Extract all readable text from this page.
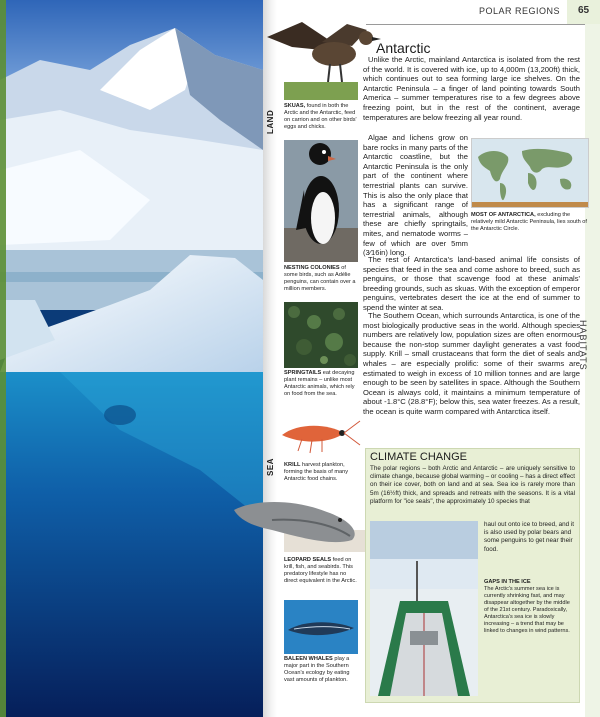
POLAR REGIONS	65
HABITATS
LAND
SEA
SKUAS, found in both the Arctic and the Antarctic, feed on carrion and on other birds' eggs and chicks.
Antarctic

Unlike the Arctic, mainland Antarctica is isolated from the rest of the world. It is covered with ice, up to 4,000m (13,200ft) thick, which continues out to sea forming large ice shelves. On the Antarctic Peninsula – a finger of land pointing towards South America – summer temperatures rise to a few degrees above freezing point, but in the rest of the continent, average temperatures are below freezing all year round.

Algae and lichens grow on bare rocks in many parts of the Antarctic coastline, but the Antarctic Peninsula is the only part of the continent where terrestrial plants can survive. This is also the only place that has a significant range of terrestrial animals, although these are chiefly springtails, mites, and nematode worms – few of which are over 5mm (3⁄16in) long.

NESTING COLONIES of some birds, such as Adélie penguins, can contain over a million members.
MOST OF ANTARCTICA, excluding the relatively mild Antarctic Peninsula, lies south of the Antarctic Circle.

The rest of Antarctica's land-based animal life consists of species that feed in the sea and come ashore to breed, such as penguins, or those that scavenge food at these animals' breeding grounds, such as skuas. With the exception of emperor penguins, vertebrates desert the ice at the end of summer to spend the winter at sea.

The Southern Ocean, which surrounds Antarctica, is one of the most biologically productive seas in the world. Although species numbers are relatively low, population sizes are often enormous because the non-stop summer daylight generates a vast food supply. Krill – small crustaceans that form the diet of seals and whales – are especially prolific: some of their swarms are estimated to weigh in excess of 10 million tonnes and are large enough to be seen by satellites in space. Although the Southern Ocean is always cold, it maintains a minimum temperature of about -1.8°C (28.8°F); below this, sea water freezes. As a result, the ocean is quite warm compared with Antarctica itself.

SPRINGTAILS eat decaying plant remains – unlike most Antarctic animals, which rely on food from the sea.
KRILL harvest plankton, forming the basis of many Antarctic food chains.
LEOPARD SEALS feed on krill, fish, and seabirds. This predatory lifestyle has no direct equivalent in the Arctic.
BALEEN WHALES play a major part in the Southern Ocean's ecology by eating vast amounts of plankton.
CLIMATE CHANGE

The polar regions – both Arctic and Antarctic – are uniquely sensitive to climate change, because global warming – or cooling – has a direct effect on their ice cover, both on land and at sea. Sea ice is rarely more than 5m (16½ft) thick, and spreads and retreats with the seasons. It is a vital platform for "ice seals", the approximately 10 species that

haul out onto ice to breed, and it is also used by polar bears and some penguins to get near their food.

GAPS IN THE ICE
The Arctic's summer sea ice is currently shrinking fast, and may disappear altogether by the middle of the 21st century. Paradoxically, Antarctica's sea ice is slowly increasing – a trend that may be linked to changes in wind patterns.
